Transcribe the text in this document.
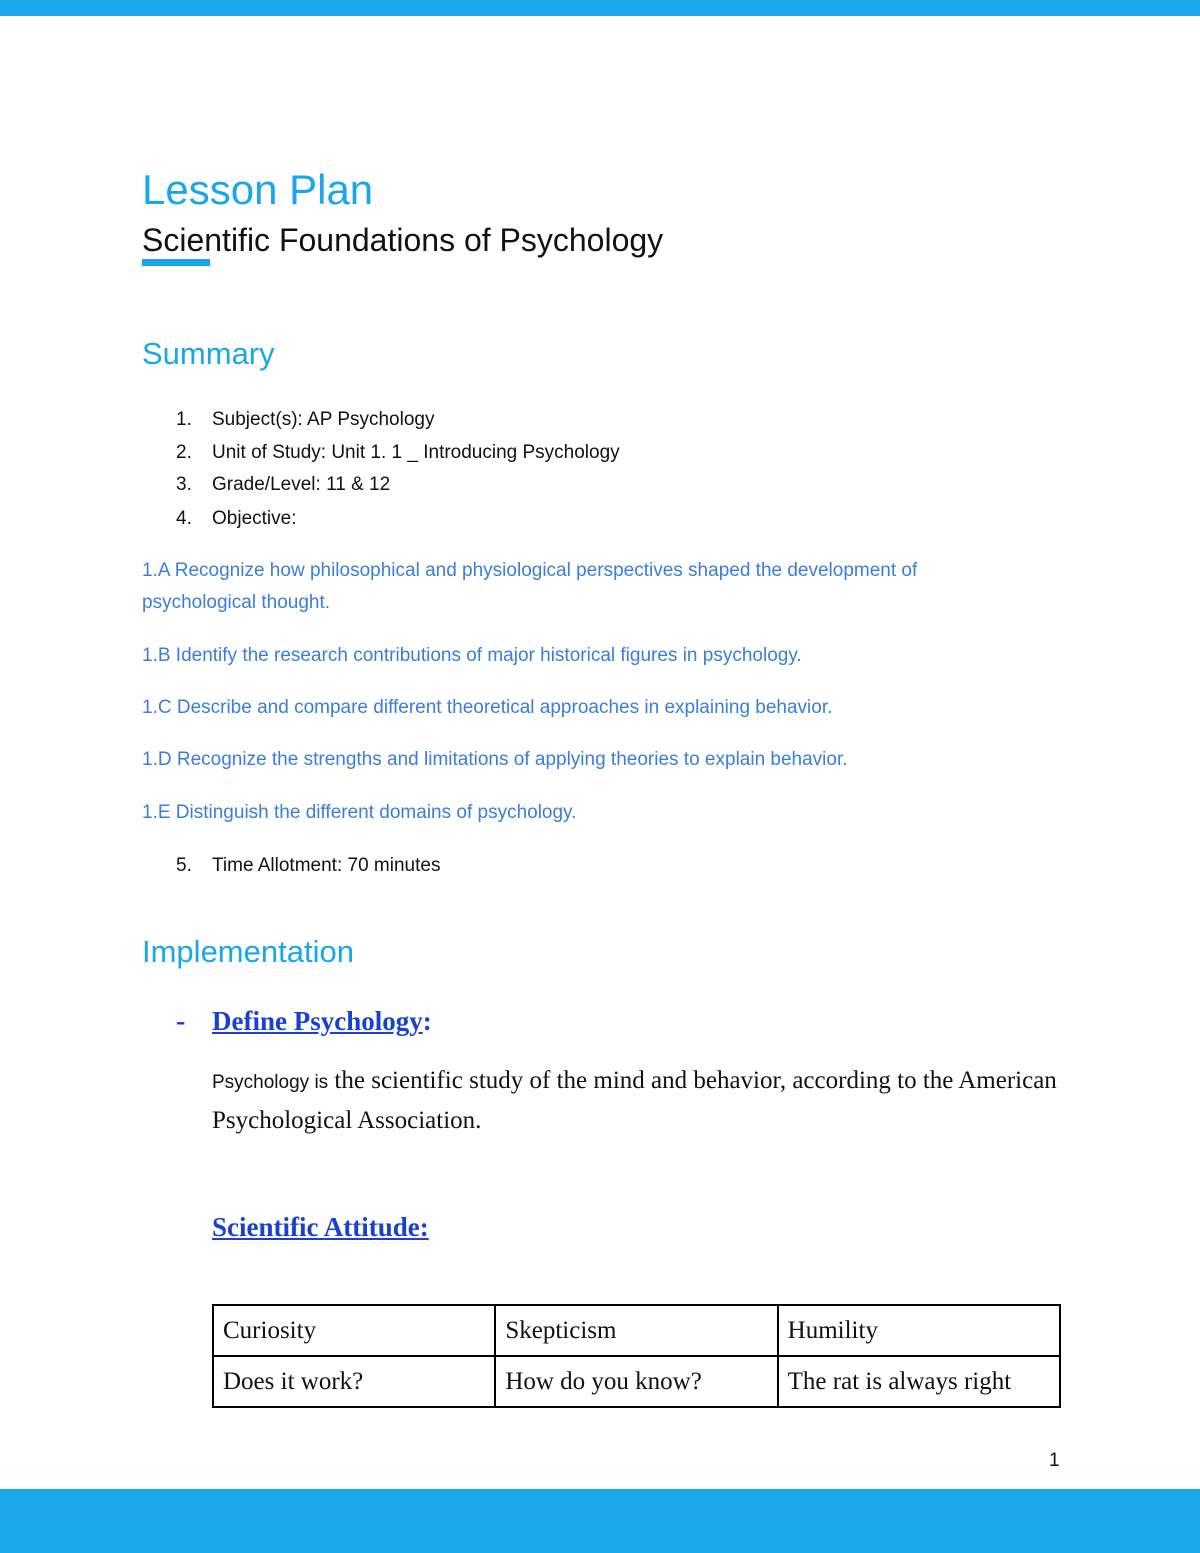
Lesson Plan
Scientific Foundations of Psychology
Summary
1. Subject(s): AP Psychology
2. Unit of Study: Unit 1. 1 _ Introducing Psychology
3. Grade/Level: 11 & 12
4. Objective:

1.A Recognize how philosophical and physiological perspectives shaped the development of psychological thought.

1.B Identify the research contributions of major historical figures in psychology.

1.C Describe and compare different theoretical approaches in explaining behavior.

1.D Recognize the strengths and limitations of applying theories to explain behavior.

1.E Distinguish the different domains of psychology.

5. Time Allotment: 70 minutes
Implementation
- Define Psychology:

Psychology is the scientific study of the mind and behavior, according to the American Psychological Association.

Scientific Attitude:
Curiosity	Skepticism	Humility
Does it work?	How do you know?	The rat is always right
1
